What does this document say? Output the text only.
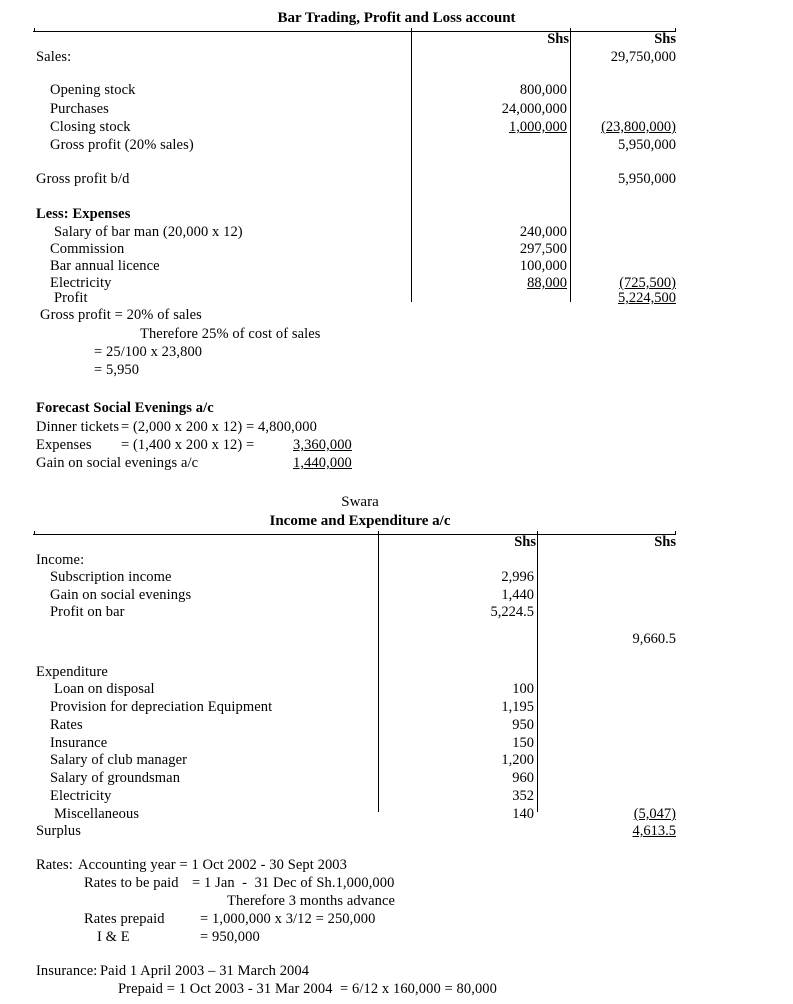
Bar Trading, Profit and Loss account
Shs	Shs
Sales:	29,750,000
Opening stock	800,000
Purchases	24,000,000
Closing stock	1,000,000	(23,800,000)
Gross profit (20% sales)	5,950,000
Gross profit b/d	5,950,000
Less: Expenses
Salary of bar man (20,000 x 12)	240,000
Commission	297,500
Bar annual licence	100,000
Electricity	88,000	(725,500)
Profit	5,224,500
Gross profit = 20% of sales
Therefore 25% of cost of sales
= 25/100 x 23,800
= 5,950
Forecast Social Evenings a/c
Dinner tickets = (2,000 x 200 x 12) = 4,800,000
Expenses = (1,400 x 200 x 12) = 3,360,000
Gain on social evenings a/c	1,440,000
Swara
Income and Expenditure a/c
Shs	Shs
Income:
Subscription income	2,996
Gain on social evenings	1,440
Profit on bar	5,224.5
9,660.5
Expenditure
Loan on disposal	100
Provision for depreciation Equipment	1,195
Rates	950
Insurance	150
Salary of club manager	1,200
Salary of groundsman	960
Electricity	352
Miscellaneous	140	(5,047)
Surplus	4,613.5
Rates: Accounting year = 1 Oct 2002 - 30 Sept 2003
Rates to be paid = 1 Jan  -  31 Dec of Sh.1,000,000
Therefore 3 months advance
Rates prepaid = 1,000,000 x 3/12 = 250,000
I & E	= 950,000
Insurance: Paid 1 April 2003 – 31 March 2004
Prepaid = 1 Oct 2003 - 31 Mar 2004  = 6/12 x 160,000 = 80,000
